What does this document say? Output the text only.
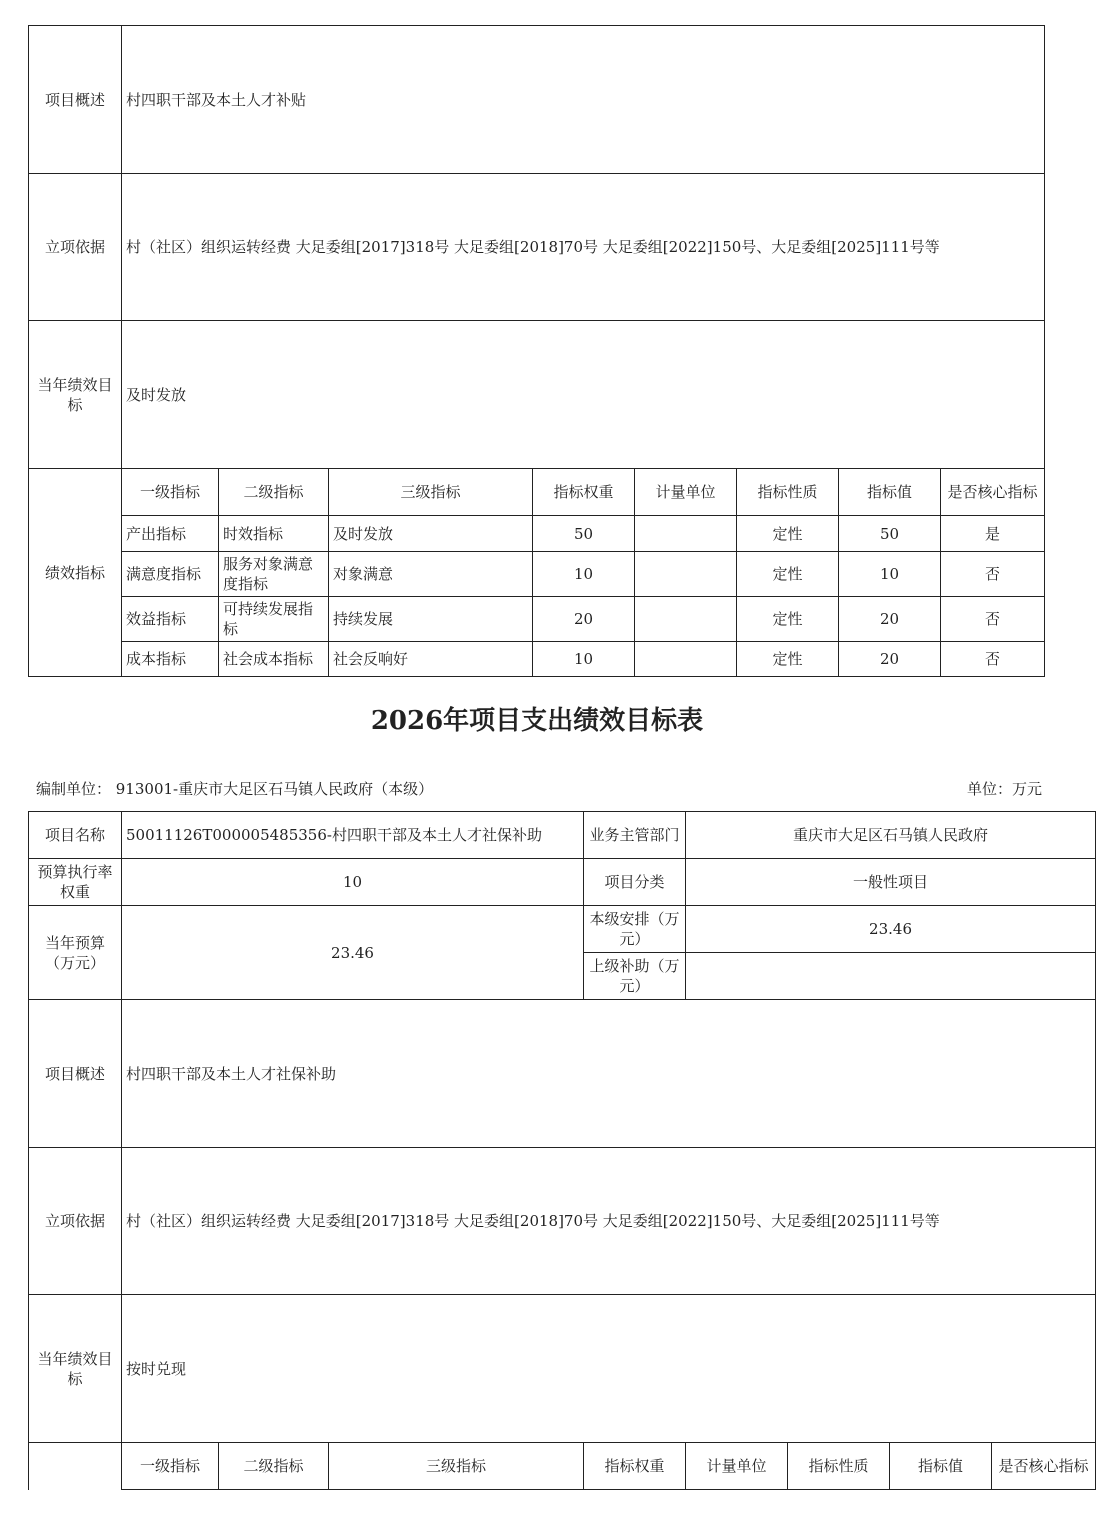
项目概述	村四职干部及本土人才补贴							
立项依据	村（社区）组织运转经费 大足委组[2017]318号 大足委组[2018]70号 大足委组[2022]150号、大足委组[2025]111号等							
当年绩效目标	及时发放							
绩效指标	一级指标	二级指标	三级指标	指标权重	计量单位	指标性质	指标值	是否核心指标
	产出指标	时效指标	及时发放	50		定性	50	是
	满意度指标	服务对象满意度指标	对象满意	10		定性	10	否
	效益指标	可持续发展指标	持续发展	20		定性	20	否
	成本指标	社会成本指标	社会反响好	10		定性	20	否
2026年项目支出绩效目标表
编制单位： 913001-重庆市大足区石马镇人民政府（本级）	单位：万元
项目名称	50011126T000005485356-村四职干部及本土人才社保补助			业务主管部门	重庆市大足区石马镇人民政府			
预算执行率权重	10			项目分类	一般性项目			
当年预算（万元）	23.46			本级安排（万元）	23.46			
				上级补助（万元）				
项目概述	村四职干部及本土人才社保补助							
立项依据	村（社区）组织运转经费 大足委组[2017]318号 大足委组[2018]70号 大足委组[2022]150号、大足委组[2025]111号等							
当年绩效目标	按时兑现							
	一级指标	二级指标	三级指标	指标权重	计量单位	指标性质	指标值	是否核心指标
